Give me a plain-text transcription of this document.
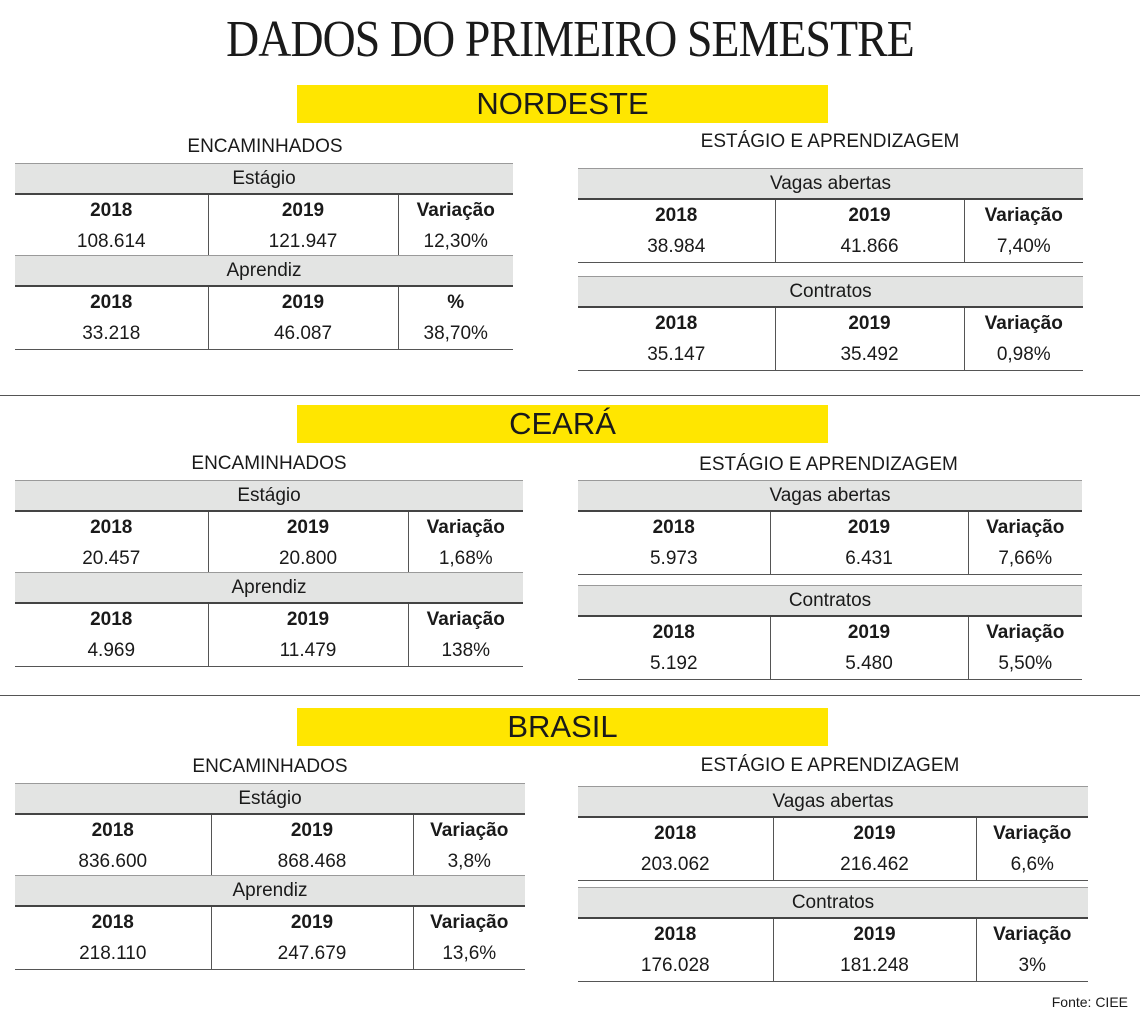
DADOS DO PRIMEIRO SEMESTRE
NORDESTE
ENCAMINHADOS	ESTÁGIO E APRENDIZAGEM
Estágio		
2018	2019	Variação
108.614	121.947	12,30%
Aprendiz		
2018	2019	%
33.218	46.087	38,70%
Vagas abertas		
2018	2019	Variação
38.984	41.866	7,40%
Contratos		
2018	2019	Variação
35.147	35.492	0,98%
CEARÁ
ENCAMINHADOS	ESTÁGIO E APRENDIZAGEM
Estágio		
2018	2019	Variação
20.457	20.800	1,68%
Aprendiz		
2018	2019	Variação
4.969	11.479	138%
Vagas abertas		
2018	2019	Variação
5.973	6.431	7,66%
Contratos		
2018	2019	Variação
5.192	5.480	5,50%
BRASIL
ENCAMINHADOS	ESTÁGIO E APRENDIZAGEM
Estágio		
2018	2019	Variação
836.600	868.468	3,8%
Aprendiz		
2018	2019	Variação
218.110	247.679	13,6%
Vagas abertas		
2018	2019	Variação
203.062	216.462	6,6%
Contratos		
2018	2019	Variação
176.028	181.248	3%
Fonte: CIEE
